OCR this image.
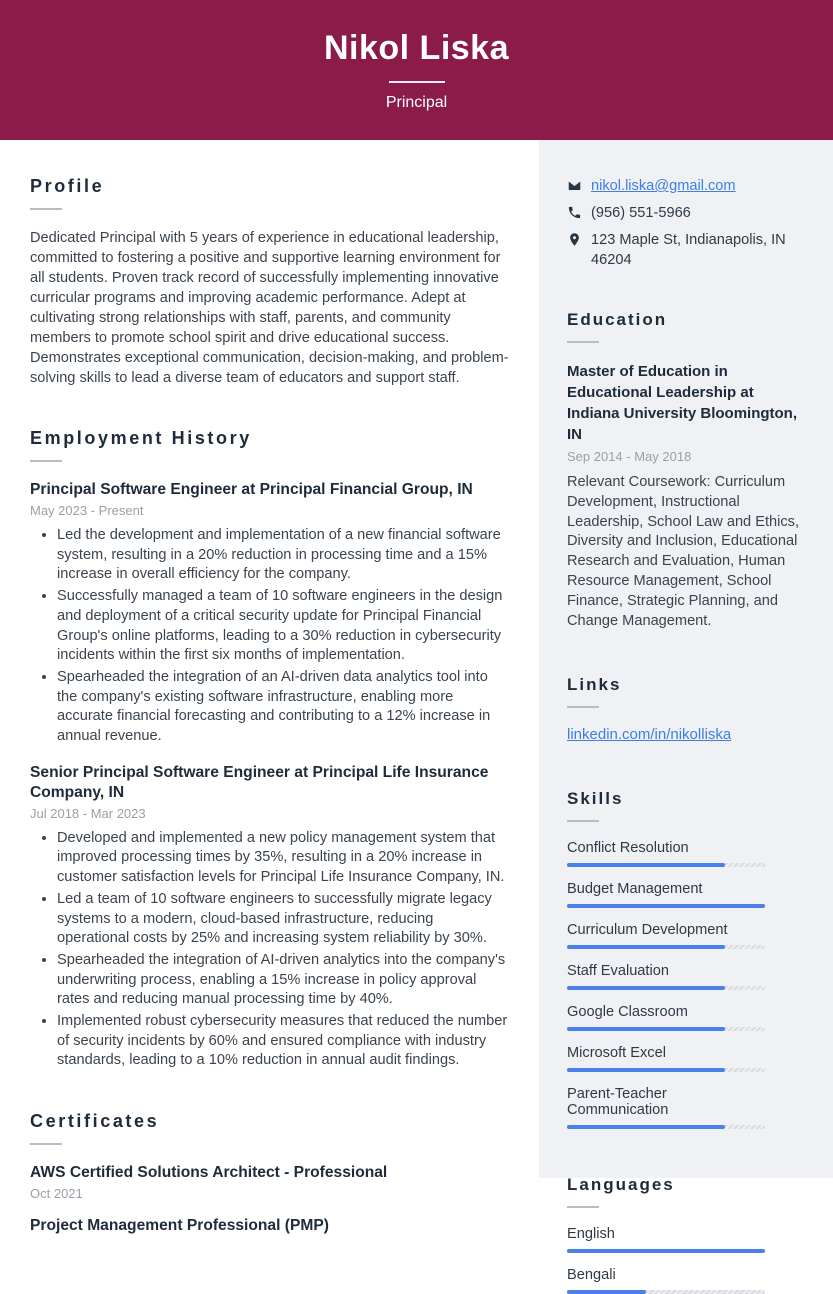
Nikol Liska
Principal
Profile

Dedicated Principal with 5 years of experience in educational leadership, committed to fostering a positive and supportive learning environment for all students. Proven track record of successfully implementing innovative curricular programs and improving academic performance. Adept at cultivating strong relationships with staff, parents, and community members to promote school spirit and drive educational success. Demonstrates exceptional communication, decision-making, and problem-solving skills to lead a diverse team of educators and support staff.

Employment History
Principal Software Engineer at Principal Financial Group, IN
May 2023 - Present
• Led the development and implementation of a new financial software system, resulting in a 20% reduction in processing time and a 15% increase in overall efficiency for the company.
• Successfully managed a team of 10 software engineers in the design and deployment of a critical security update for Principal Financial Group's online platforms, leading to a 30% reduction in cybersecurity incidents within the first six months of implementation.
• Spearheaded the integration of an AI-driven data analytics tool into the company's existing software infrastructure, enabling more accurate financial forecasting and contributing to a 12% increase in annual revenue.
Senior Principal Software Engineer at Principal Life Insurance Company, IN
Jul 2018 - Mar 2023
• Developed and implemented a new policy management system that improved processing times by 35%, resulting in a 20% increase in customer satisfaction levels for Principal Life Insurance Company, IN.
• Led a team of 10 software engineers to successfully migrate legacy systems to a modern, cloud-based infrastructure, reducing operational costs by 25% and increasing system reliability by 30%.
• Spearheaded the integration of AI-driven analytics into the company's underwriting process, enabling a 15% increase in policy approval rates and reducing manual processing time by 40%.
• Implemented robust cybersecurity measures that reduced the number of security incidents by 60% and ensured compliance with industry standards, leading to a 10% reduction in annual audit findings.
Certificates
AWS Certified Solutions Architect - Professional
Oct 2021
Project Management Professional (PMP)
nikol.liska@gmail.com
(956) 551-5966
123 Maple St, Indianapolis, IN 46204
Education
Master of Education in Educational Leadership at Indiana University Bloomington, IN
Sep 2014 - May 2018
Relevant Coursework: Curriculum Development, Instructional Leadership, School Law and Ethics, Diversity and Inclusion, Educational Research and Evaluation, Human Resource Management, School Finance, Strategic Planning, and Change Management.
Links
linkedin.com/in/nikolliska
Skills
Conflict Resolution
Budget Management
Curriculum Development
Staff Evaluation
Google Classroom
Microsoft Excel
Parent-Teacher Communication
Languages
English
Bengali
